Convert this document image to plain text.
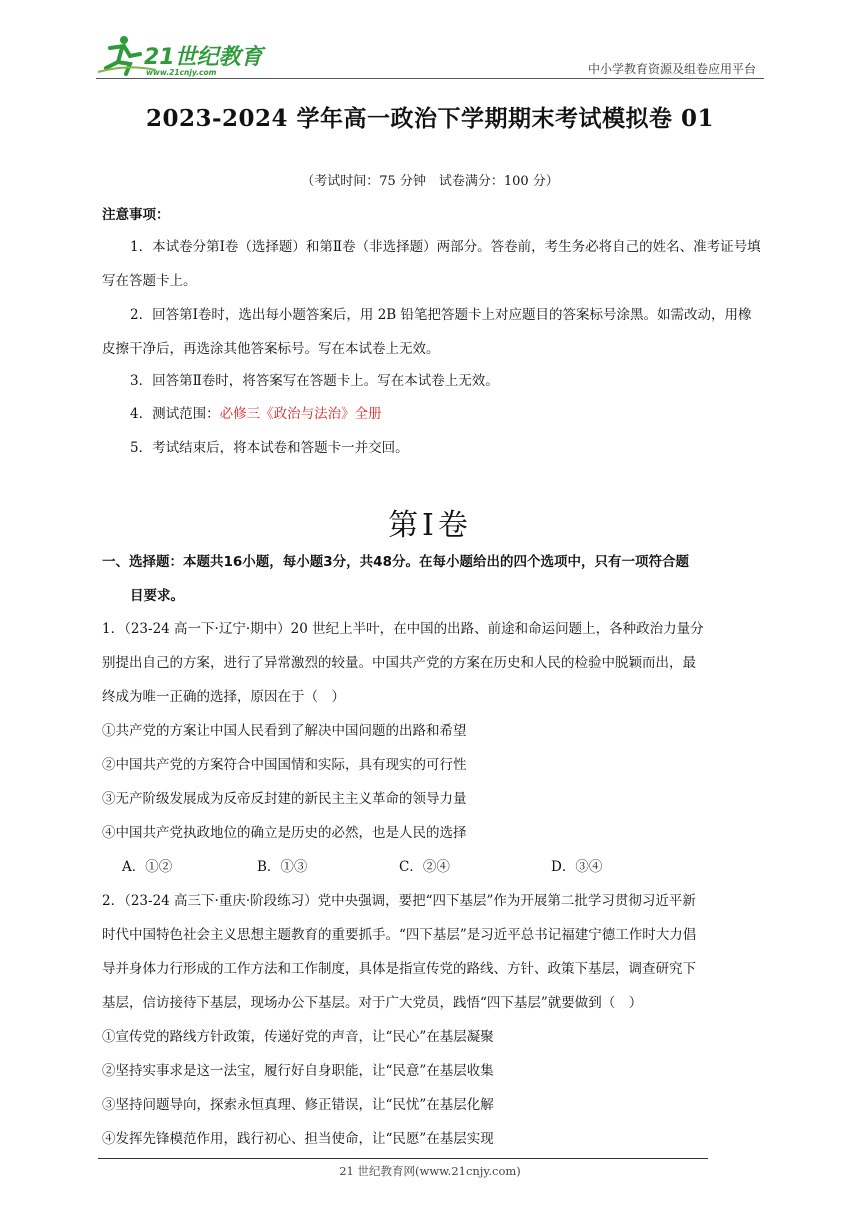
21世纪教育
www.21cnjy.com	中小学教育资源及组卷应用平台
2023-2024 学年高一政治下学期期末考试模拟卷 01
（考试时间：75 分钟　试卷满分：100 分）
注意事项：
1．本试卷分第Ⅰ卷（选择题）和第Ⅱ卷（非选择题）两部分。答卷前，考生务必将自己的姓名、准考证号填写在答题卡上。
2．回答第Ⅰ卷时，选出每小题答案后，用 2B 铅笔把答题卡上对应题目的答案标号涂黑。如需改动，用橡皮擦干净后，再选涂其他答案标号。写在本试卷上无效。
3．回答第Ⅱ卷时，将答案写在答题卡上。写在本试卷上无效。
4．测试范围：必修三《政治与法治》全册
5．考试结束后，将本试卷和答题卡一并交回。
第Ⅰ卷
一、选择题：本题共16小题，每小题3分，共48分。在每小题给出的四个选项中，只有一项符合题
目要求。
1．（23-24 高一下·辽宁·期中）20 世纪上半叶，在中国的出路、前途和命运问题上，各种政治力量分
别提出自己的方案，进行了异常激烈的较量。中国共产党的方案在历史和人民的检验中脱颖而出，最
终成为唯一正确的选择，原因在于（　）
①共产党的方案让中国人民看到了解决中国问题的出路和希望
②中国共产党的方案符合中国国情和实际，具有现实的可行性
③无产阶级发展成为反帝反封建的新民主主义革命的领导力量
④中国共产党执政地位的确立是历史的必然，也是人民的选择
A．①②	B．①③	C．②④	D．③④
2．（23-24 高三下·重庆·阶段练习）党中央强调，要把“四下基层”作为开展第二批学习贯彻习近平新
时代中国特色社会主义思想主题教育的重要抓手。“四下基层”是习近平总书记福建宁德工作时大力倡
导并身体力行形成的工作方法和工作制度，具体是指宣传党的路线、方针、政策下基层，调查研究下
基层，信访接待下基层，现场办公下基层。对于广大党员，践悟“四下基层”就要做到（　）
①宣传党的路线方针政策，传递好党的声音，让“民心”在基层凝聚
②坚持实事求是这一法宝，履行好自身职能，让“民意”在基层收集
③坚持问题导向，探索永恒真理、修正错误，让“民忧”在基层化解
④发挥先锋模范作用，践行初心、担当使命，让“民愿”在基层实现
21 世纪教育网(www.21cnjy.com)
